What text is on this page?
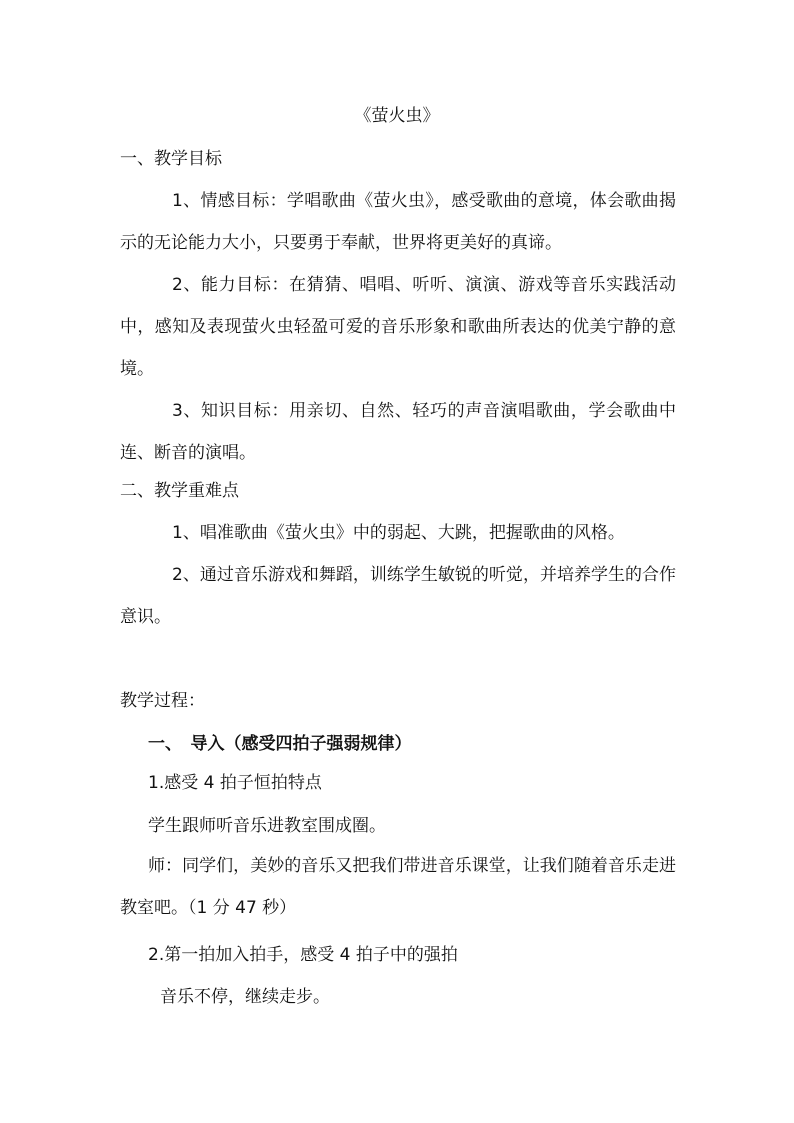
《萤火虫》
一、教学目标
1、情感目标：学唱歌曲《萤火虫》，感受歌曲的意境，体会歌曲揭示的无论能力大小，只要勇于奉献，世界将更美好的真谛。
2、能力目标：在猜猜、唱唱、听听、演演、游戏等音乐实践活动中，感知及表现萤火虫轻盈可爱的音乐形象和歌曲所表达的优美宁静的意境。
3、知识目标：用亲切、自然、轻巧的声音演唱歌曲，学会歌曲中连、断音的演唱。
二、教学重难点
1、唱准歌曲《萤火虫》中的弱起、大跳，把握歌曲的风格。
2、通过音乐游戏和舞蹈，训练学生敏锐的听觉，并培养学生的合作意识。
教学过程：
一、　导入（感受四拍子强弱规律）
1.感受 4 拍子恒拍特点
学生跟师听音乐进教室围成圈。
师：同学们，美妙的音乐又把我们带进音乐课堂，让我们随着音乐走进教室吧。（1 分 47 秒）
2.第一拍加入拍手，感受 4 拍子中的强拍
音乐不停，继续走步。
